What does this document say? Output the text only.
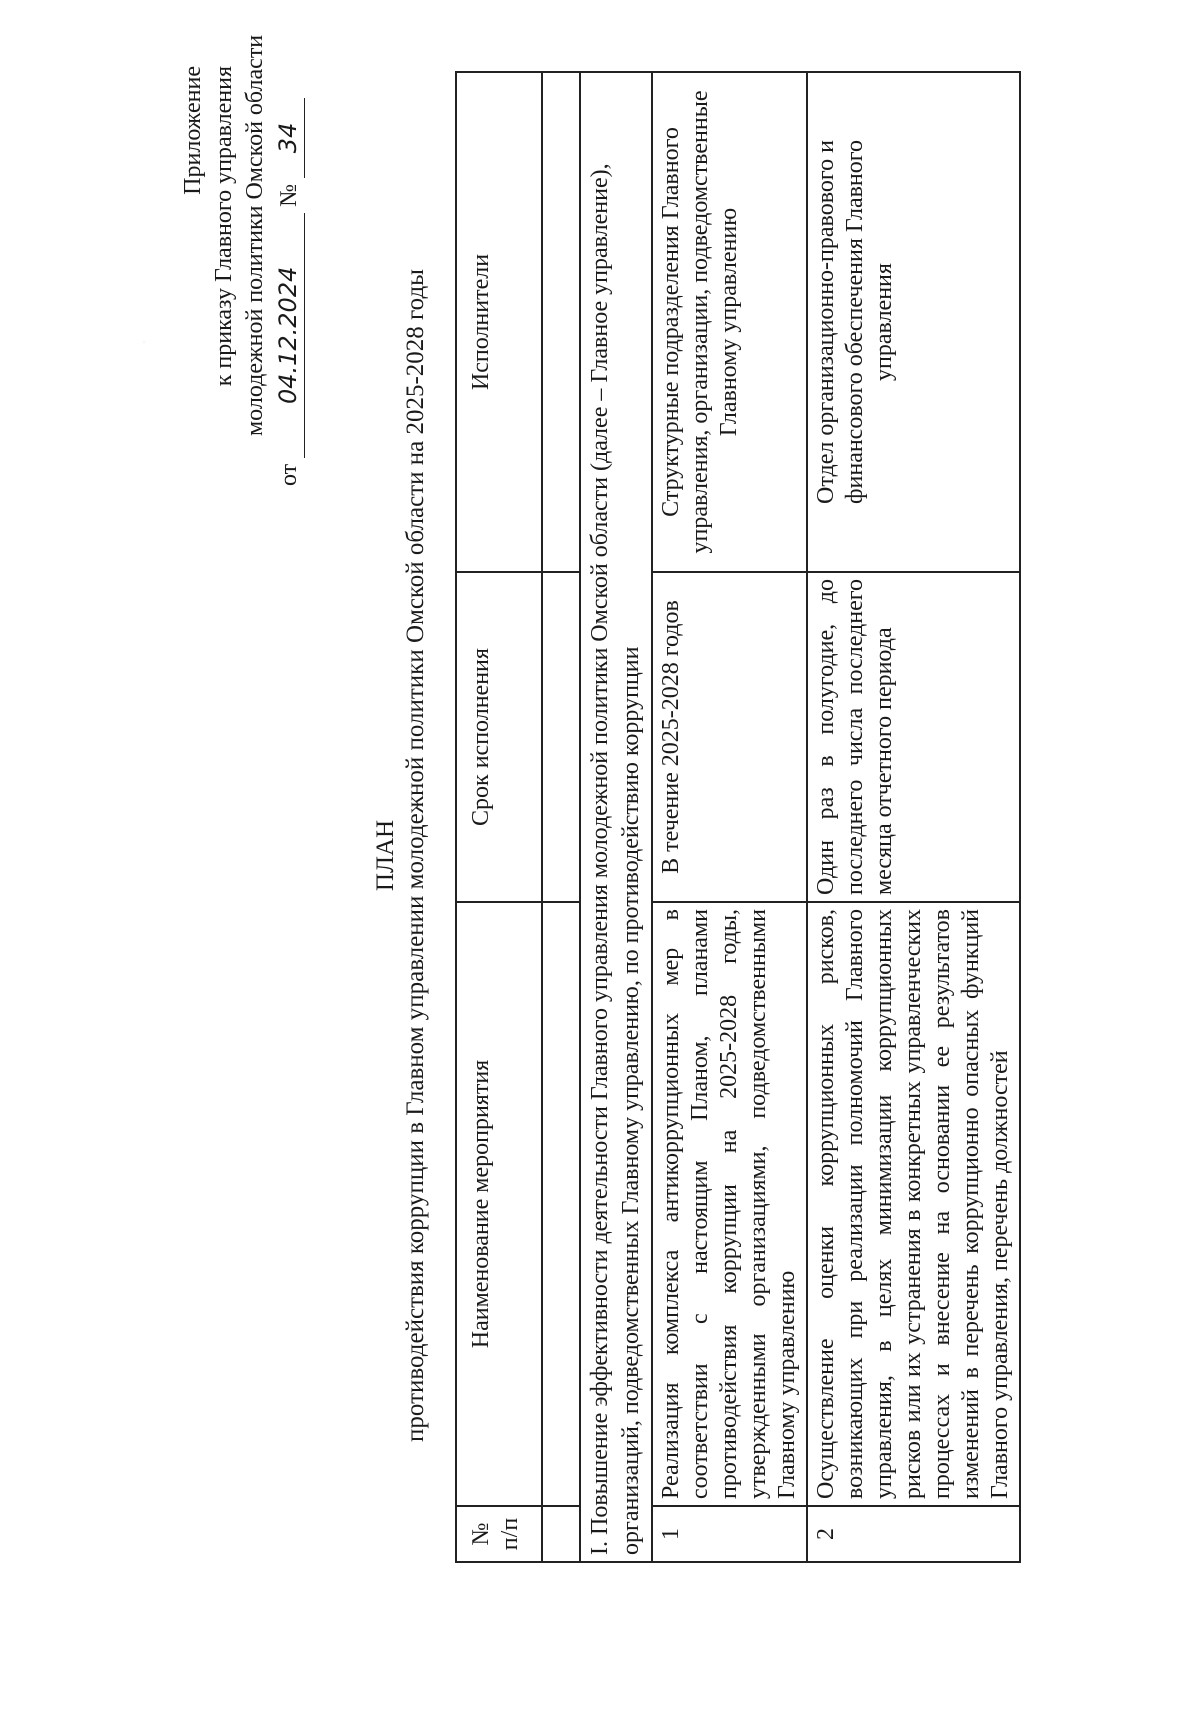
Приложение к приказу Главного управления молодежной политики Омской области
от 04.12.2024 № 34
ПЛАН противодействия коррупции в Главном управлении молодежной политики Омской области на 2025-2028 годы
№ п/п	Наименование мероприятия	Срок исполнения	Исполнители

I. Повышение эффективности деятельности Главного управления молодежной политики Омской области (далее – Главное управление), организаций, подведомственных Главному управлению, по противодействию коррупции			
1	Реализация комплекса антикоррупционных мер в соответствии с настоящим Планом, планами противодействия коррупции на 2025-2028 годы, утвержденными организациями, подведомственными Главному управлению	В течение 2025-2028 годов	Структурные подразделения Главного управления, организации, подведомственные Главному управлению
2	Осуществление оценки коррупционных рисков, возникающих при реализации полномочий Главного управления, в целях минимизации коррупционных рисков или их устранения в конкретных управленческих процессах и внесение на основании ее результатов изменений в перечень коррупционно опасных функций Главного управления, перечень должностей	Один раз в полугодие, до последнего числа последнего месяца отчетного периода	Отдел организационно-правового и финансового обеспечения Главного управления
